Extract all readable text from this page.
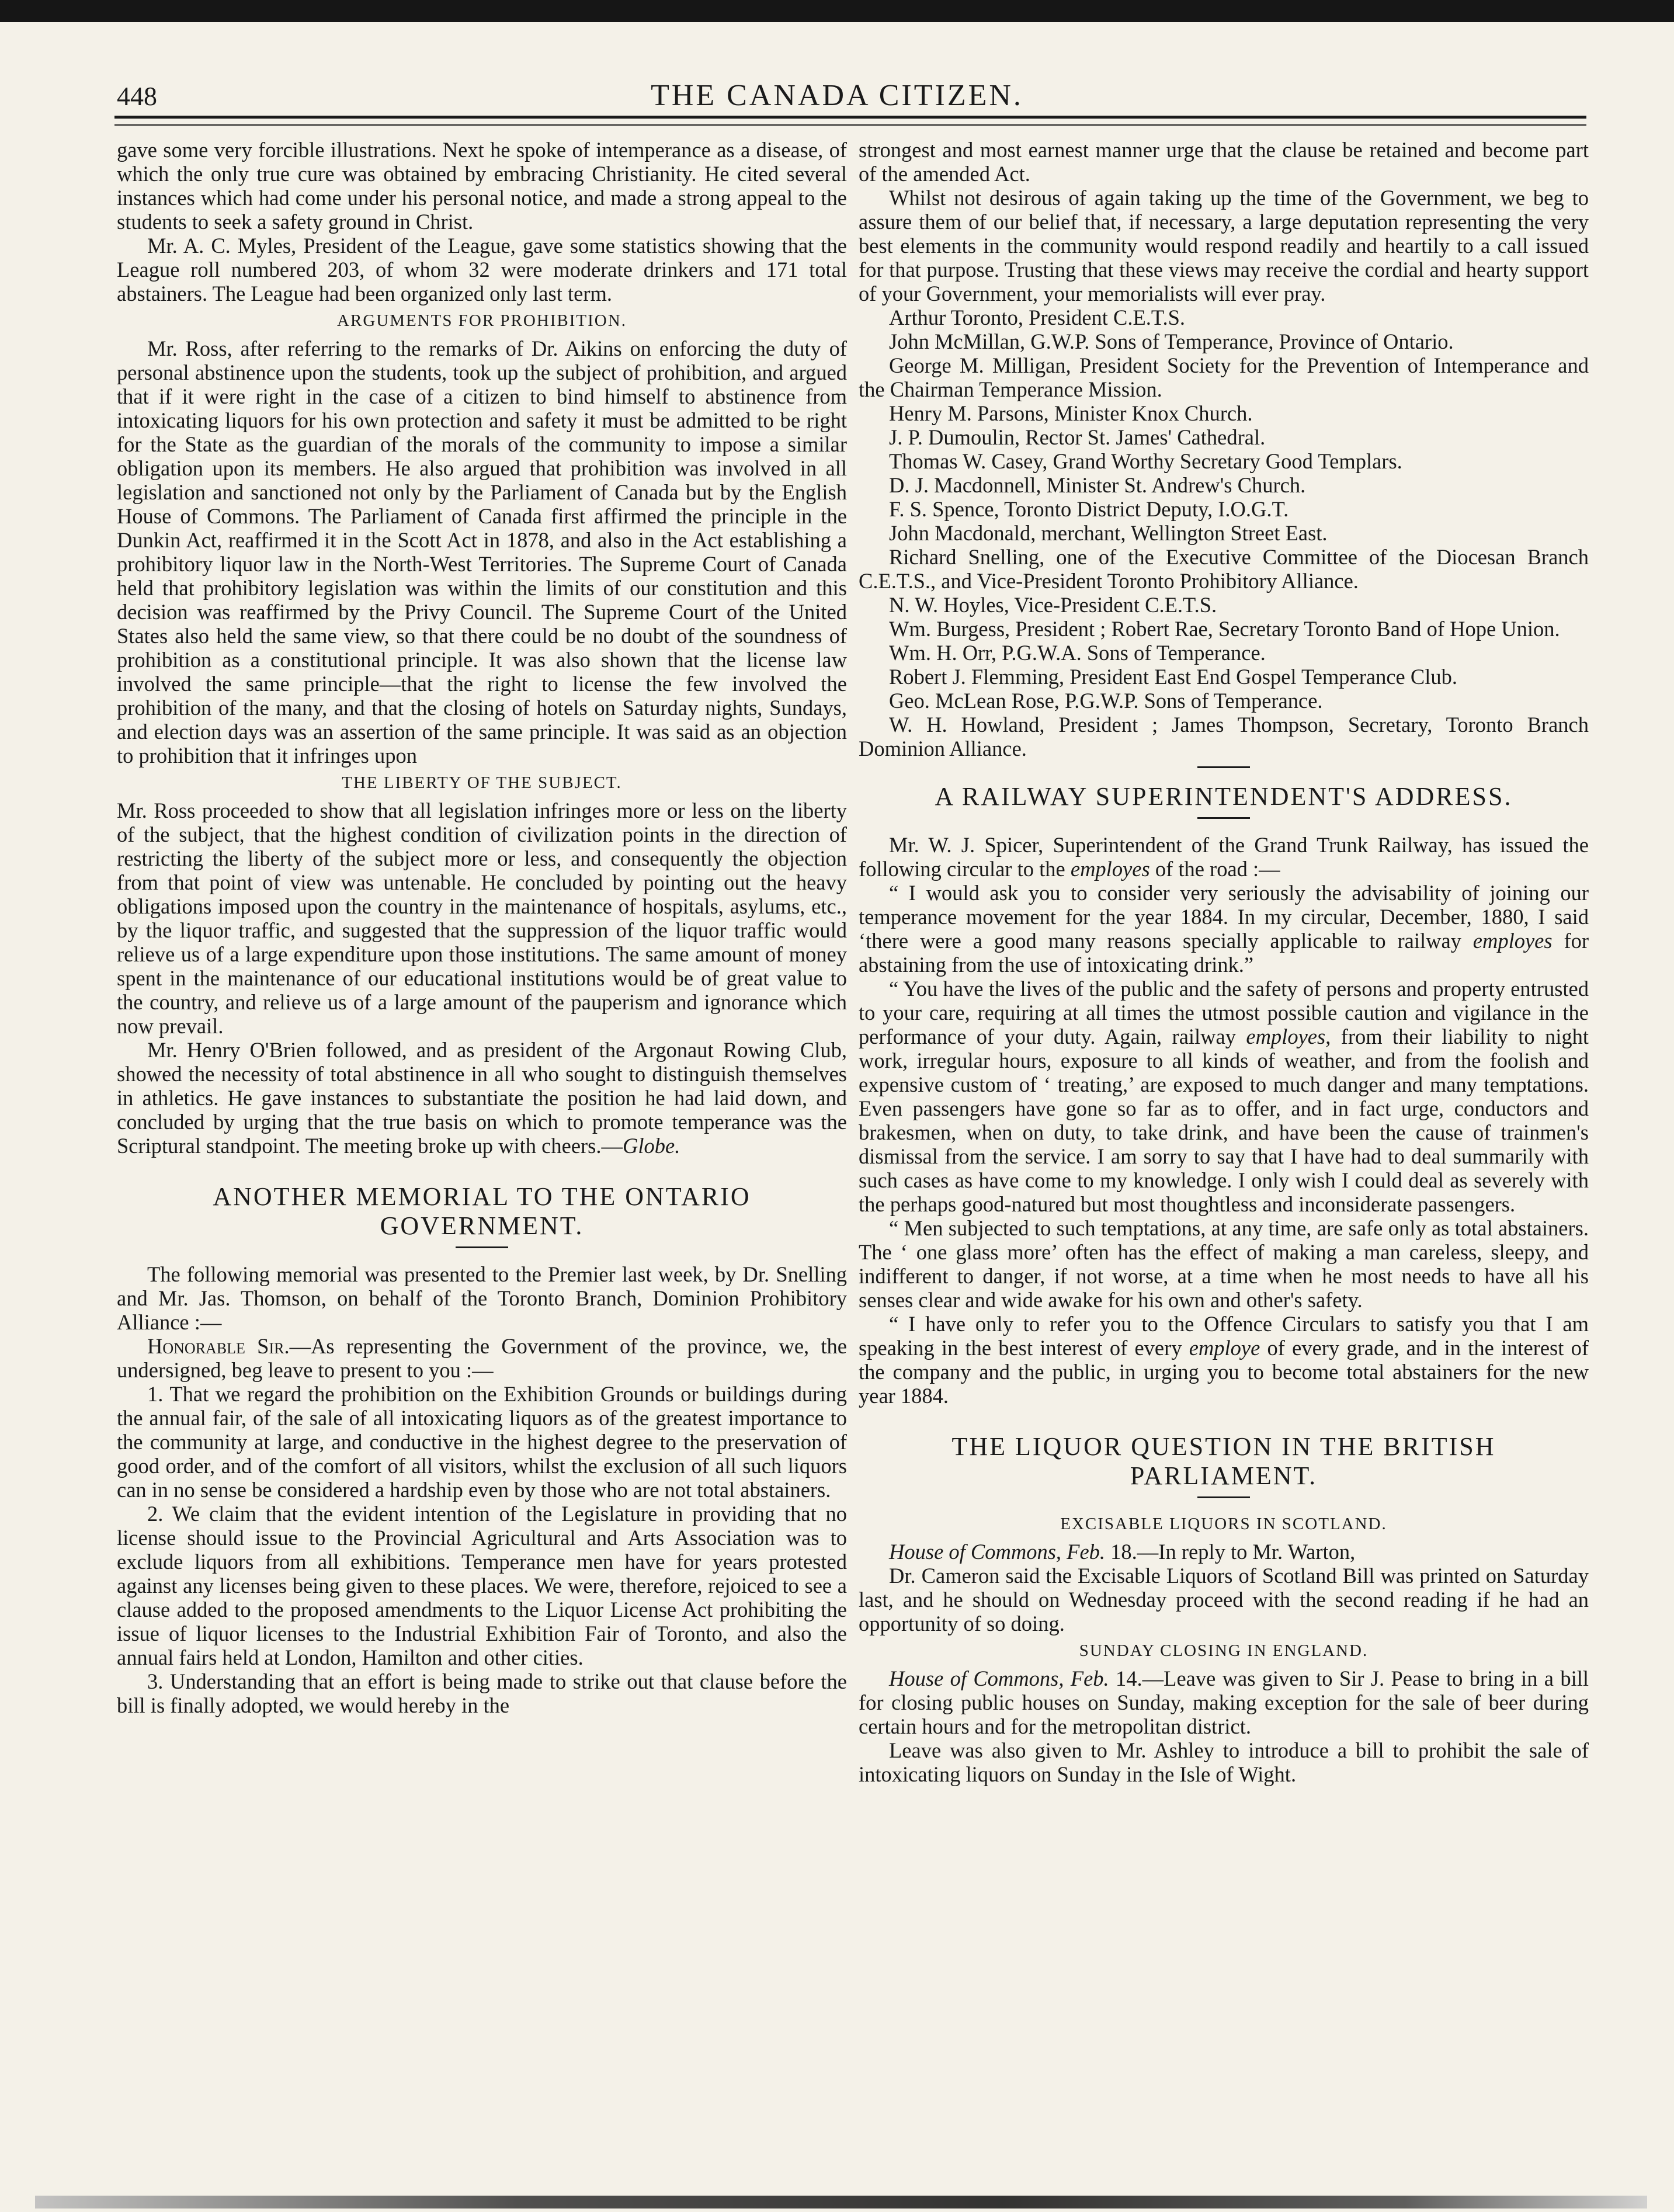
448	THE CANADA CITIZEN.

gave some very forcible illustrations. Next he spoke of intemperance as a disease, of which the only true cure was obtained by embracing Christianity. He cited several instances which had come under his personal notice, and made a strong appeal to the students to seek a safety ground in Christ.

Mr. A. C. Myles, President of the League, gave some statistics showing that the League roll numbered 203, of whom 32 were moderate drinkers and 171 total abstainers. The League had been organized only last term.

ARGUMENTS FOR PROHIBITION.

Mr. Ross, after referring to the remarks of Dr. Aikins on enforcing the duty of personal abstinence upon the students, took up the subject of prohibition, and argued that if it were right in the case of a citizen to bind himself to abstinence from intoxicating liquors for his own protection and safety it must be admitted to be right for the State as the guardian of the morals of the community to impose a similar obligation upon its members. He also argued that prohibition was involved in all legislation and sanctioned not only by the Parliament of Canada but by the English House of Commons. The Parliament of Canada first affirmed the principle in the Dunkin Act, reaffirmed it in the Scott Act in 1878, and also in the Act establishing a prohibitory liquor law in the North-West Territories. The Supreme Court of Canada held that prohibitory legislation was within the limits of our constitution and this decision was reaffirmed by the Privy Council. The Supreme Court of the United States also held the same view, so that there could be no doubt of the soundness of prohibition as a constitutional principle. It was also shown that the license law involved the same principle—that the right to license the few involved the prohibition of the many, and that the closing of hotels on Saturday nights, Sundays, and election days was an assertion of the same principle. It was said as an objection to prohibition that it infringes upon

THE LIBERTY OF THE SUBJECT.

Mr. Ross proceeded to show that all legislation infringes more or less on the liberty of the subject, that the highest condition of civilization points in the direction of restricting the liberty of the subject more or less, and consequently the objection from that point of view was untenable. He concluded by pointing out the heavy obligations imposed upon the country in the maintenance of hospitals, asylums, etc., by the liquor traffic, and suggested that the suppression of the liquor traffic would relieve us of a large expenditure upon those institutions. The same amount of money spent in the maintenance of our educational institutions would be of great value to the country, and relieve us of a large amount of the pauperism and ignorance which now prevail.

Mr. Henry O'Brien followed, and as president of the Argonaut Rowing Club, showed the necessity of total abstinence in all who sought to distinguish themselves in athletics. He gave instances to substantiate the position he had laid down, and concluded by urging that the true basis on which to promote temperance was the Scriptural standpoint. The meeting broke up with cheers.—Globe.

ANOTHER MEMORIAL TO THE ONTARIO GOVERNMENT.

The following memorial was presented to the Premier last week, by Dr. Snelling and Mr. Jas. Thomson, on behalf of the Toronto Branch, Dominion Prohibitory Alliance :—

Honorable Sir.—As representing the Government of the province, we, the undersigned, beg leave to present to you :—

1. That we regard the prohibition on the Exhibition Grounds or buildings during the annual fair, of the sale of all intoxicating liquors as of the greatest importance to the community at large, and conductive in the highest degree to the preservation of good order, and of the comfort of all visitors, whilst the exclusion of all such liquors can in no sense be considered a hardship even by those who are not total abstainers.

2. We claim that the evident intention of the Legislature in providing that no license should issue to the Provincial Agricultural and Arts Association was to exclude liquors from all exhibitions. Temperance men have for years protested against any licenses being given to these places. We were, therefore, rejoiced to see a clause added to the proposed amendments to the Liquor License Act prohibiting the issue of liquor licenses to the Industrial Exhibition Fair of Toronto, and also the annual fairs held at London, Hamilton and other cities.

3. Understanding that an effort is being made to strike out that clause before the bill is finally adopted, we would hereby in the

strongest and most earnest manner urge that the clause be retained and become part of the amended Act.

Whilst not desirous of again taking up the time of the Government, we beg to assure them of our belief that, if necessary, a large deputation representing the very best elements in the community would respond readily and heartily to a call issued for that purpose. Trusting that these views may receive the cordial and hearty support of your Government, your memorialists will ever pray.

Arthur Toronto, President C.E.T.S.

John McMillan, G.W.P. Sons of Temperance, Province of Ontario.

George M. Milligan, President Society for the Prevention of Intemperance and the Chairman Temperance Mission.

Henry M. Parsons, Minister Knox Church.

J. P. Dumoulin, Rector St. James' Cathedral.

Thomas W. Casey, Grand Worthy Secretary Good Templars.

D. J. Macdonnell, Minister St. Andrew's Church.

F. S. Spence, Toronto District Deputy, I.O.G.T.

John Macdonald, merchant, Wellington Street East.

Richard Snelling, one of the Executive Committee of the Diocesan Branch C.E.T.S., and Vice-President Toronto Prohibitory Alliance.

N. W. Hoyles, Vice-President C.E.T.S.

Wm. Burgess, President ; Robert Rae, Secretary Toronto Band of Hope Union.

Wm. H. Orr, P.G.W.A. Sons of Temperance.

Robert J. Flemming, President East End Gospel Temperance Club.

Geo. McLean Rose, P.G.W.P. Sons of Temperance.

W. H. Howland, President ; James Thompson, Secretary, Toronto Branch Dominion Alliance.

A RAILWAY SUPERINTENDENT'S ADDRESS.

Mr. W. J. Spicer, Superintendent of the Grand Trunk Railway, has issued the following circular to the employes of the road :—

“ I would ask you to consider very seriously the advisability of joining our temperance movement for the year 1884. In my circular, December, 1880, I said ‘there were a good many reasons specially applicable to railway employes for abstaining from the use of intoxicating drink.”

“ You have the lives of the public and the safety of persons and property entrusted to your care, requiring at all times the utmost possible caution and vigilance in the performance of your duty. Again, railway employes, from their liability to night work, irregular hours, exposure to all kinds of weather, and from the foolish and expensive custom of ‘ treating,’ are exposed to much danger and many temptations. Even passengers have gone so far as to offer, and in fact urge, conductors and brakesmen, when on duty, to take drink, and have been the cause of trainmen's dismissal from the service. I am sorry to say that I have had to deal summarily with such cases as have come to my knowledge. I only wish I could deal as severely with the perhaps good-natured but most thoughtless and inconsiderate passengers.

“ Men subjected to such temptations, at any time, are safe only as total abstainers. The ‘ one glass more’ often has the effect of making a man careless, sleepy, and indifferent to danger, if not worse, at a time when he most needs to have all his senses clear and wide awake for his own and other's safety.

“ I have only to refer you to the Offence Circulars to satisfy you that I am speaking in the best interest of every employe of every grade, and in the interest of the company and the public, in urging you to become total abstainers for the new year 1884.

THE LIQUOR QUESTION IN THE BRITISH PARLIAMENT.
EXCISABLE LIQUORS IN SCOTLAND.

House of Commons, Feb. 18.—In reply to Mr. Warton,

Dr. Cameron said the Excisable Liquors of Scotland Bill was printed on Saturday last, and he should on Wednesday proceed with the second reading if he had an opportunity of so doing.

SUNDAY CLOSING IN ENGLAND.

House of Commons, Feb. 14.—Leave was given to Sir J. Pease to bring in a bill for closing public houses on Sunday, making exception for the sale of beer during certain hours and for the metropolitan district.

Leave was also given to Mr. Ashley to introduce a bill to prohibit the sale of intoxicating liquors on Sunday in the Isle of Wight.
